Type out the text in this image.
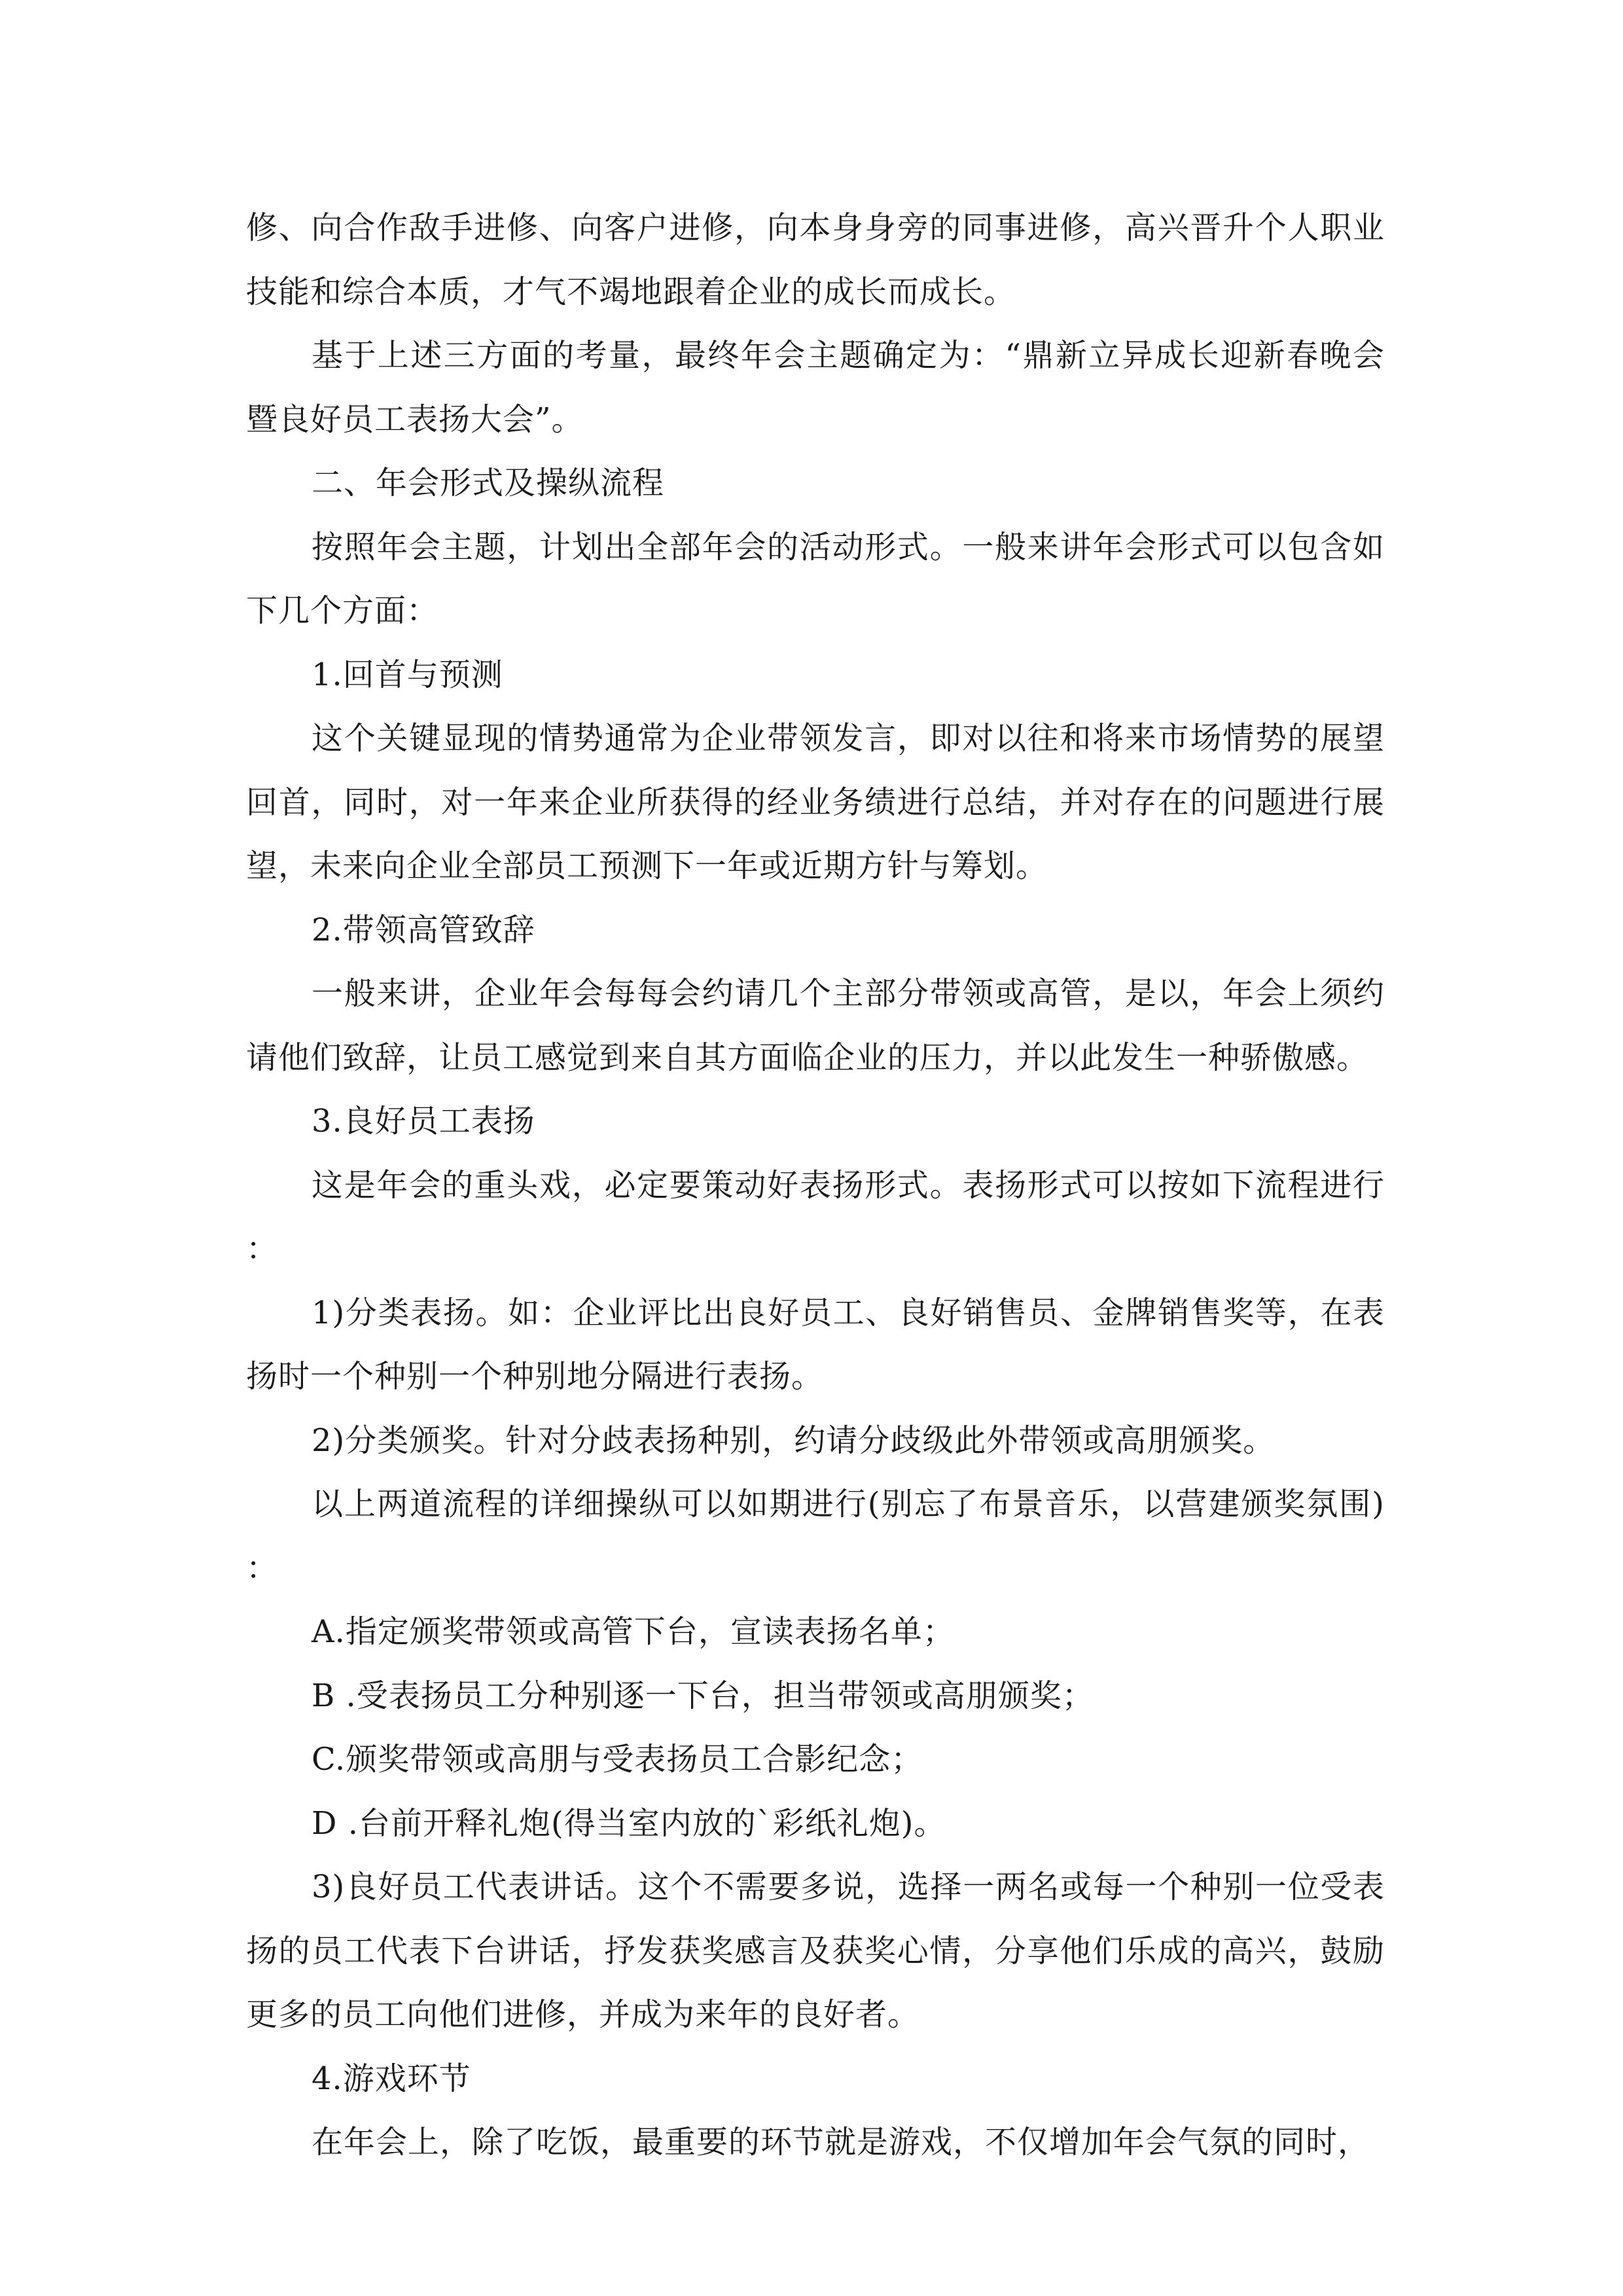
修、向合作敌手进修、向客户进修，向本身身旁的同事进修，高兴晋升个人职业技能和综合本质，才气不竭地跟着企业的成长而成长。

基于上述三方面的考量，最终年会主题确定为：“鼎新立异成长迎新春晚会暨良好员工表扬大会”。

二、年会形式及操纵流程

按照年会主题，计划出全部年会的活动形式。一般来讲年会形式可以包含如下几个方面：

1.回首与预测

这个关键显现的情势通常为企业带领发言，即对以往和将来市场情势的展望回首，同时，对一年来企业所获得的经业务绩进行总结，并对存在的问题进行展望，未来向企业全部员工预测下一年或近期方针与筹划。

2.带领高管致辞

一般来讲，企业年会每每会约请几个主部分带领或高管，是以，年会上须约请他们致辞，让员工感觉到来自其方面临企业的压力，并以此发生一种骄傲感。

3.良好员工表扬

这是年会的重头戏，必定要策动好表扬形式。表扬形式可以按如下流程进行：

1)分类表扬。如：企业评比出良好员工、良好销售员、金牌销售奖等，在表扬时一个种别一个种别地分隔进行表扬。

2)分类颁奖。针对分歧表扬种别，约请分歧级此外带领或高朋颁奖。

以上两道流程的详细操纵可以如期进行(别忘了布景音乐，以营建颁奖氛围)：

A.指定颁奖带领或高管下台，宣读表扬名单；

B .受表扬员工分种别逐一下台，担当带领或高朋颁奖；

C.颁奖带领或高朋与受表扬员工合影纪念；

D .台前开释礼炮(得当室内放的`彩纸礼炮)。

3)良好员工代表讲话。这个不需要多说，选择一两名或每一个种别一位受表扬的员工代表下台讲话，抒发获奖感言及获奖心情，分享他们乐成的高兴，鼓励更多的员工向他们进修，并成为来年的良好者。

4.游戏环节

在年会上，除了吃饭，最重要的环节就是游戏，不仅增加年会气氛的同时，
